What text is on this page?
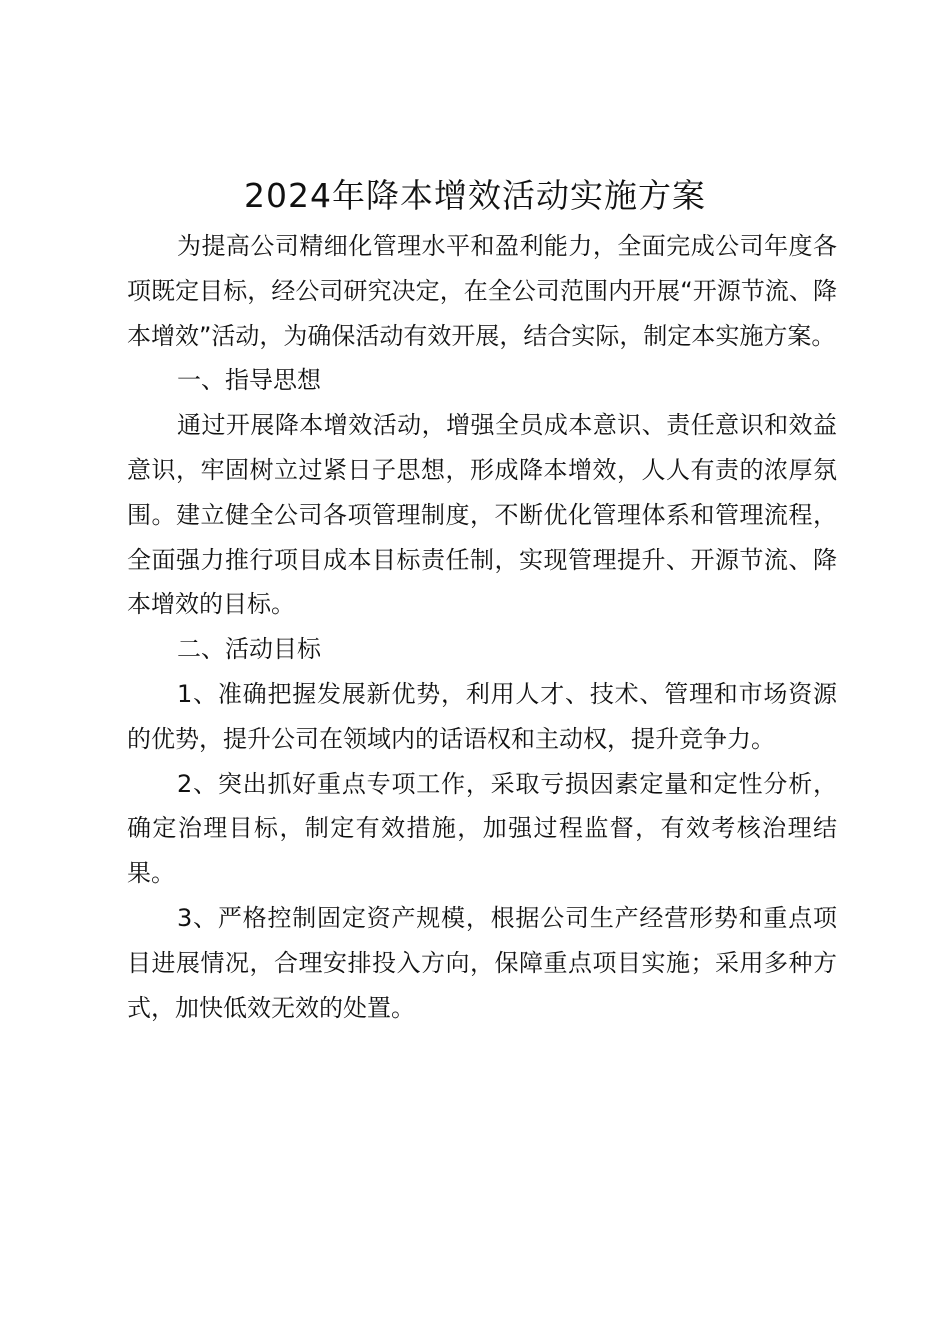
2024年降本增效活动实施方案

为提高公司精细化管理水平和盈利能力，全面完成公司年度各项既定目标，经公司研究决定，在全公司范围内开展“开源节流、降本增效”活动，为确保活动有效开展，结合实际，制定本实施方案。

一、指导思想

通过开展降本增效活动，增强全员成本意识、责任意识和效益意识，牢固树立过紧日子思想，形成降本增效，人人有责的浓厚氛围。建立健全公司各项管理制度，不断优化管理体系和管理流程，全面强力推行项目成本目标责任制，实现管理提升、开源节流、降本增效的目标。

二、活动目标

1、准确把握发展新优势，利用人才、技术、管理和市场资源的优势，提升公司在领域内的话语权和主动权，提升竞争力。

2、突出抓好重点专项工作，采取亏损因素定量和定性分析，确定治理目标，制定有效措施，加强过程监督，有效考核治理结果。

3、严格控制固定资产规模，根据公司生产经营形势和重点项目进展情况，合理安排投入方向，保障重点项目实施；采用多种方式，加快低效无效的处置。
